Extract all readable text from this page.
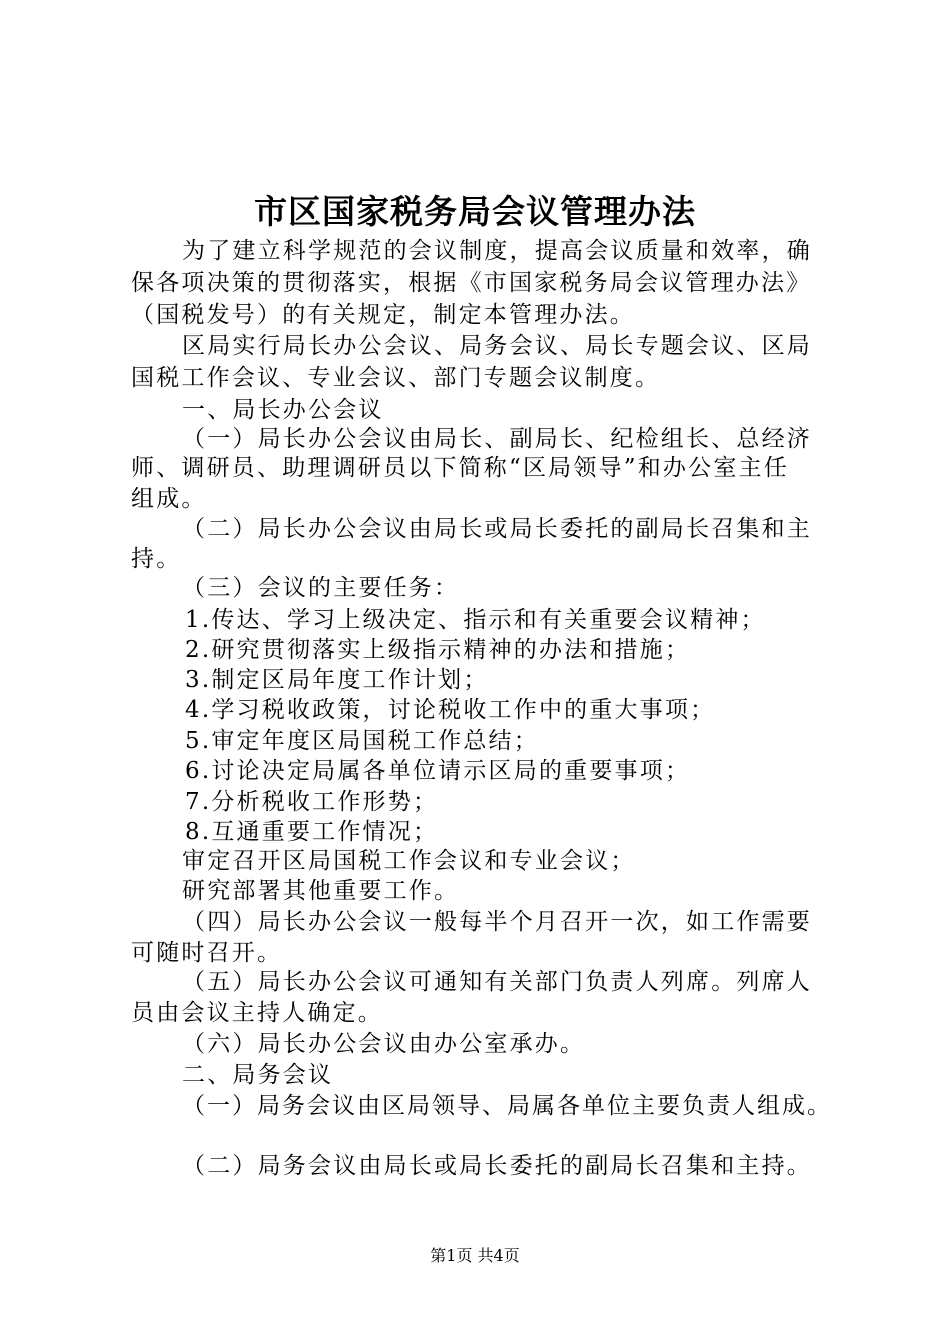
市区国家税务局会议管理办法
为了建立科学规范的会议制度，提高会议质量和效率，确
保各项决策的贯彻落实，根据《市国家税务局会议管理办法》
（国税发号）的有关规定，制定本管理办法。
区局实行局长办公会议、局务会议、局长专题会议、区局
国税工作会议、专业会议、部门专题会议制度。
一、局长办公会议
（一）局长办公会议由局长、副局长、纪检组长、总经济
师、调研员、助理调研员以下简称“区局领导”和办公室主任
组成。
（二）局长办公会议由局长或局长委托的副局长召集和主
持。
（三）会议的主要任务：
1.传达、学习上级决定、指示和有关重要会议精神；
2.研究贯彻落实上级指示精神的办法和措施；
3.制定区局年度工作计划；
4.学习税收政策，讨论税收工作中的重大事项；
5.审定年度区局国税工作总结；
6.讨论决定局属各单位请示区局的重要事项；
7.分析税收工作形势；
8.互通重要工作情况；
审定召开区局国税工作会议和专业会议；
研究部署其他重要工作。
（四）局长办公会议一般每半个月召开一次，如工作需要
可随时召开。
（五）局长办公会议可通知有关部门负责人列席。列席人
员由会议主持人确定。
（六）局长办公会议由办公室承办。
二、局务会议
（一）局务会议由区局领导、局属各单位主要负责人组成。
（二）局务会议由局长或局长委托的副局长召集和主持。
第1页 共4页
